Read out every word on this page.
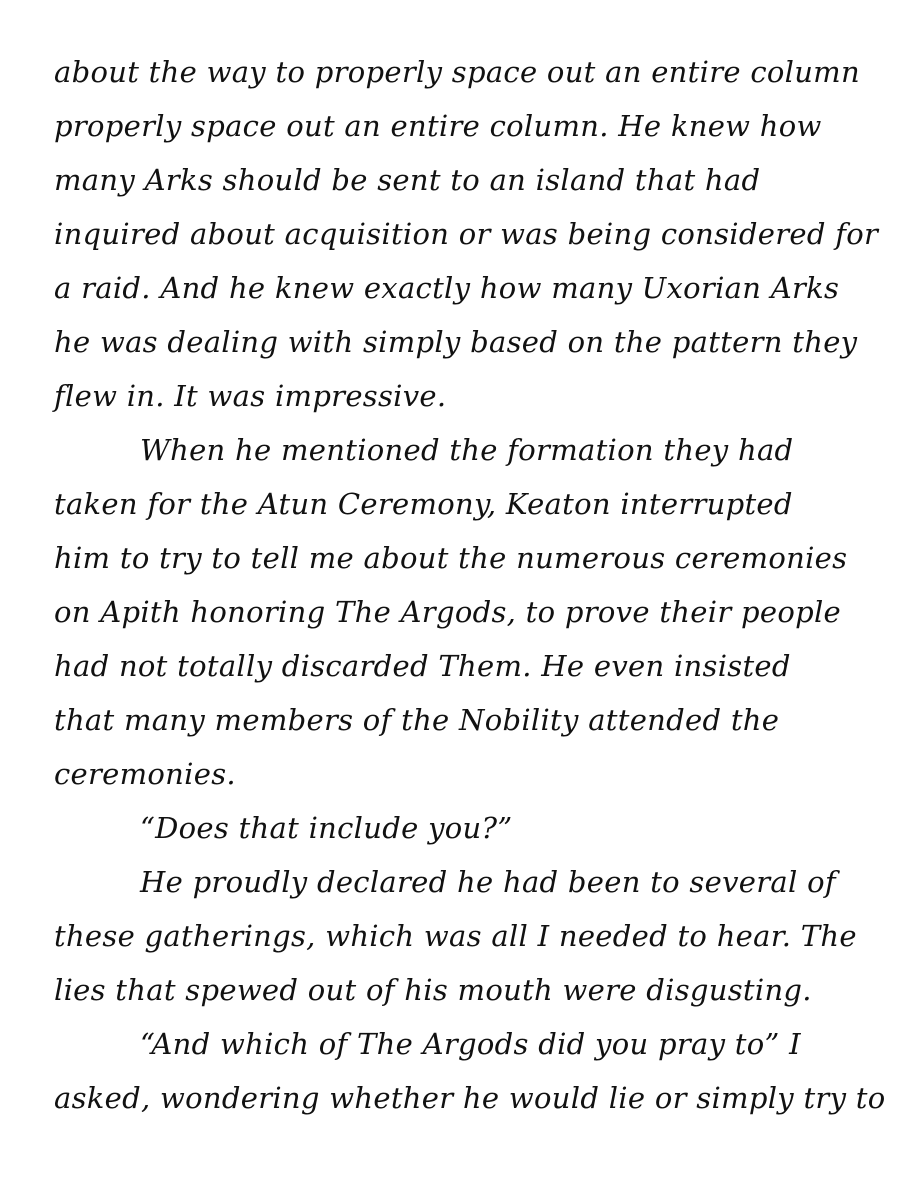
about the way to properly space out an entire column
properly space out an entire column. He knew how
many Arks should be sent to an island that had
inquired about acquisition or was being considered for
a raid. And he knew exactly how many Uxorian Arks
he was dealing with simply based on the pattern they
flew in. It was impressive.
When he mentioned the formation they had
taken for the Atun Ceremony, Keaton interrupted
him to try to tell me about the numerous ceremonies
on Apith honoring The Argods, to prove their people
had not totally discarded Them. He even insisted
that many members of the Nobility attended the
ceremonies.
“Does that include you?”
He proudly declared he had been to several of
these gatherings, which was all I needed to hear. The
lies that spewed out of his mouth were disgusting.
“And which of The Argods did you pray to” I
asked, wondering whether he would lie or simply try to
